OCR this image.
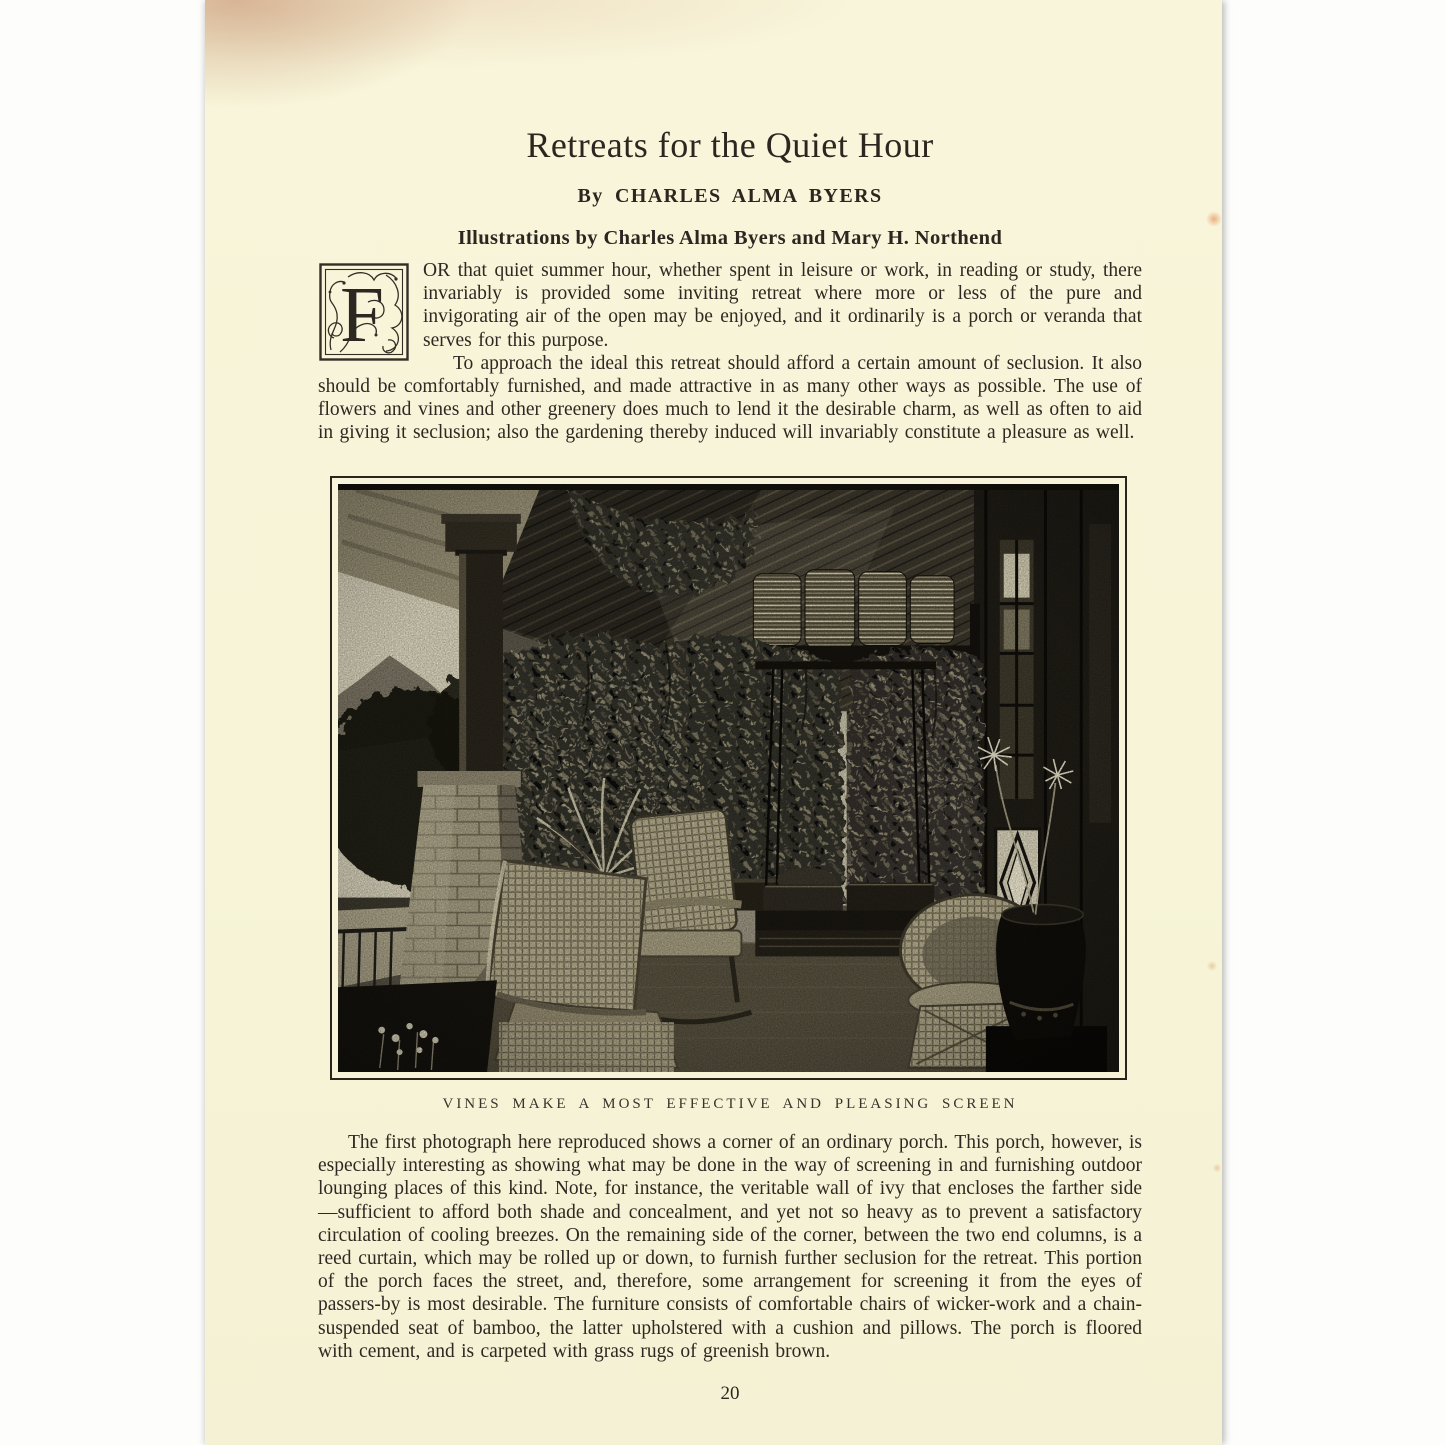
Retreats for the Quiet Hour
By CHARLES ALMA BYERS
Illustrations by Charles Alma Byers and Mary H. Northend
F

OR that quiet summer hour, whether spent in leisure or work, in reading or study, there invariably is provided some inviting retreat where more or less of the pure and invigorating air of the open may be enjoyed, and it ordinarily is a porch or veranda that serves for this purpose.

To approach the ideal this retreat should afford a certain amount of seclusion. It also should be comfortably furnished, and made attractive in as many other ways as possible. The use of flowers and vines and other greenery does much to lend it the desirable charm, as well as often to aid in giving it seclusion; also the gardening thereby induced will invariably constitute a pleasure as well.

VINES MAKE A MOST EFFECTIVE AND PLEASING SCREEN

The first photograph here reproduced shows a corner of an ordinary porch. This porch, however, is especially interesting as showing what may be done in the way of screening in and furnishing outdoor lounging places of this kind. Note, for instance, the veritable wall of ivy that encloses the farther side—sufficient to afford both shade and concealment, and yet not so heavy as to prevent a satisfactory circulation of cooling breezes. On the remaining side of the corner, between the two end columns, is a reed curtain, which may be rolled up or down, to furnish further seclusion for the retreat. This portion of the porch faces the street, and, therefore, some arrangement for screening it from the eyes of passers-by is most desirable. The furniture consists of comfortable chairs of wicker-work and a chain-suspended seat of bamboo, the latter upholstered with a cushion and pillows. The porch is floored with cement, and is carpeted with grass rugs of greenish brown.

20
